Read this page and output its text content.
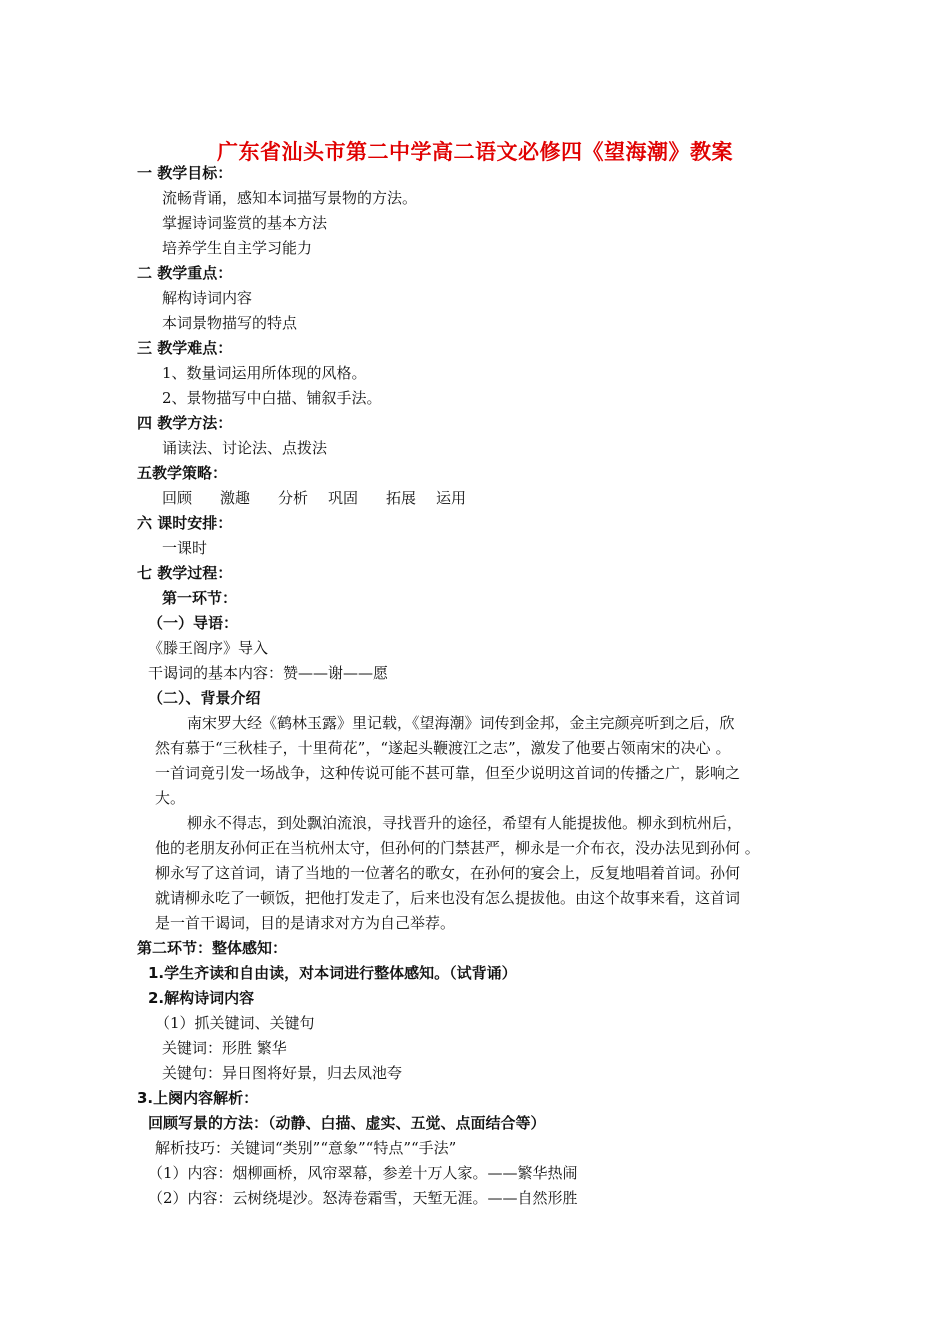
广东省汕头市第二中学高二语文必修四《望海潮》教案
一 教学目标：
流畅背诵，感知本词描写景物的方法。
掌握诗词鉴赏的基本方法
培养学生自主学习能力
二 教学重点：
解构诗词内容
本词景物描写的特点
三 教学难点：
1、数量词运用所体现的风格。
2、景物描写中白描、铺叙手法。
四 教学方法：
诵读法、讨论法、点拨法
五教学策略：
回顾 激趣 分析 巩固 拓展 运用
六 课时安排：
一课时
七 教学过程：
第一环节：
（一）导语：
《滕王阁序》导入
干谒词的基本内容：赞——谢——愿
（二）、背景介绍
南宋罗大经《鹤林玉露》里记载，《望海潮》词传到金邦，金主完颜亮听到之后，欣
然有慕于“三秋桂子，十里荷花”，“遂起头鞭渡江之志”，激发了他要占领南宋的决心 。
一首词竟引发一场战争，这种传说可能不甚可靠，但至少说明这首词的传播之广，影响之
大。
柳永不得志，到处飘泊流浪，寻找晋升的途径，希望有人能提拔他。柳永到杭州后，
他的老朋友孙何正在当杭州太守，但孙何的门禁甚严，柳永是一介布衣，没办法见到孙何 。
柳永写了这首词，请了当地的一位著名的歌女，在孙何的宴会上，反复地唱着首词。孙何
就请柳永吃了一顿饭，把他打发走了，后来也没有怎么提拔他。由这个故事来看，这首词
是一首干谒词，目的是请求对方为自己举荐。
第二环节：整体感知：
1.学生齐读和自由读，对本词进行整体感知。（试背诵）
2.解构诗词内容
（1）抓关键词、关键句
关键词：形胜 繁华
关键句：异日图将好景，归去凤池夸
3.上阕内容解析：
回顾写景的方法：（动静、白描、虚实、五觉、点面结合等）
解析技巧：关键词“类别”“意象”“特点”“手法”
（1）内容：烟柳画桥，风帘翠幕，参差十万人家。——繁华热闹
（2）内容：云树绕堤沙。怒涛卷霜雪，天堑无涯。——自然形胜
